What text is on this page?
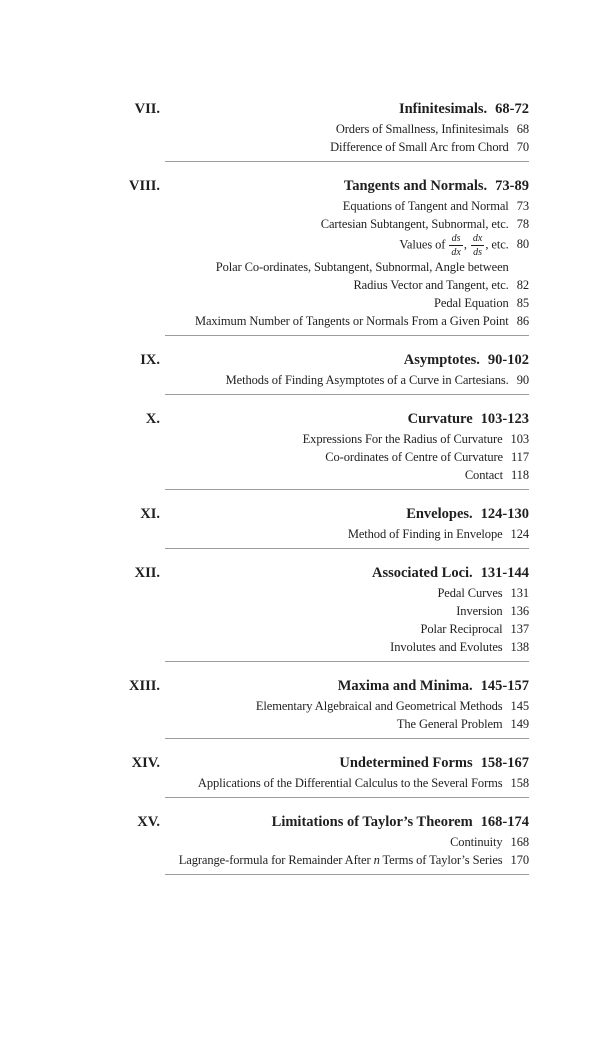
VII.	Infinitesimals. 68-72
Orders of Smallness, Infinitesimals 68
Difference of Small Arc from Chord 70
VIII.	Tangents and Normals. 73-89
Equations of Tangent and Normal 73
Cartesian Subtangent, Subnormal, etc. 78
Values of $\frac{ds}{dx}$ , $\frac{dx}{ds}$ , etc. 80
Polar Co-ordinates, Subtangent, Subnormal, Angle between
Radius Vector and Tangent, etc. 82
Pedal Equation 85
Maximum Number of Tangents or Normals From a Given Point 86
IX.	Asymptotes. 90-102
Methods of Finding Asymptotes of a Curve in Cartesians. 90
X.	Curvature 103-123
Expressions For the Radius of Curvature 103
Co-ordinates of Centre of Curvature 117
Contact 118
XI.	Envelopes. 124-130
Method of Finding in Envelope 124
XII.	Associated Loci. 131-144
Pedal Curves 131
Inversion 136
Polar Reciprocal 137
Involutes and Evolutes 138
XIII.	Maxima and Minima. 145-157
Elementary Algebraical and Geometrical Methods 145
The General Problem 149
XIV.	Undetermined Forms 158-167
Applications of the Differential Calculus to the Several Forms 158
XV.	Limitations of Taylor’s Theorem 168-174
Continuity 168
Lagrange-formula for Remainder After n Terms of Taylor’s Series 170
